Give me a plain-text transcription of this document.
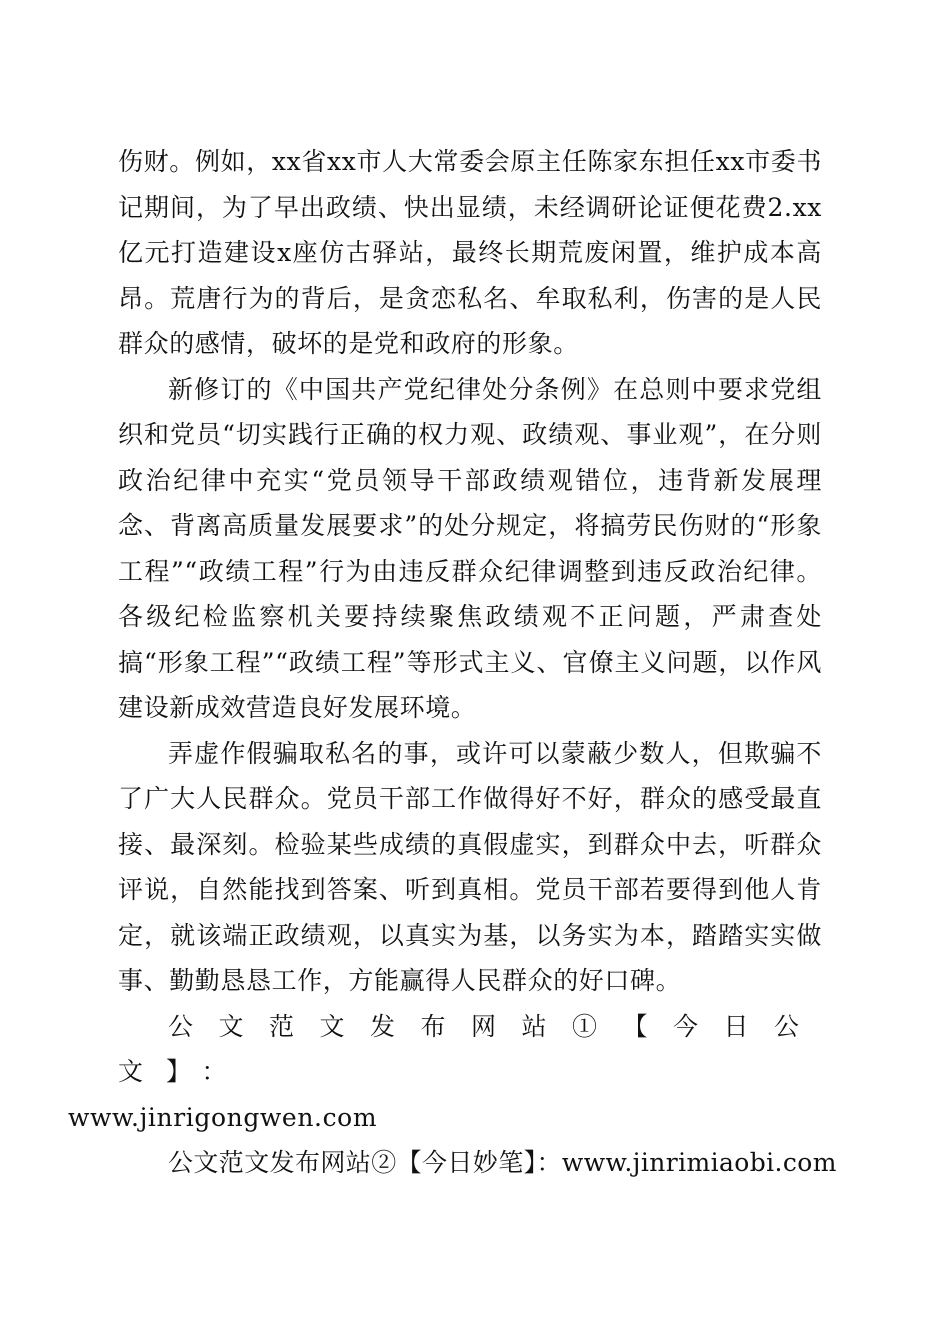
伤财。例如，xx省xx市人大常委会原主任陈家东担任xx市委书记期间，为了早出政绩、快出显绩，未经调研论证便花费2.xx亿元打造建设x座仿古驿站，最终长期荒废闲置，维护成本高昂。荒唐行为的背后，是贪恋私名、牟取私利，伤害的是人民群众的感情，破坏的是党和政府的形象。

新修订的《中国共产党纪律处分条例》在总则中要求党组织和党员“切实践行正确的权力观、政绩观、事业观”，在分则政治纪律中充实“党员领导干部政绩观错位，违背新发展理念、背离高质量发展要求”的处分规定，将搞劳民伤财的“形象工程”“政绩工程”行为由违反群众纪律调整到违反政治纪律。各级纪检监察机关要持续聚焦政绩观不正问题，严肃查处搞“形象工程”“政绩工程”等形式主义、官僚主义问题，以作风建设新成效营造良好发展环境。

弄虚作假骗取私名的事，或许可以蒙蔽少数人，但欺骗不了广大人民群众。党员干部工作做得好不好，群众的感受最直接、最深刻。检验某些成绩的真假虚实，到群众中去，听群众评说，自然能找到答案、听到真相。党员干部若要得到他人肯定，就该端正政绩观，以真实为基，以务实为本，踏踏实实做事、勤勤恳恳工作，方能赢得人民群众的好口碑。

公文范文发布网站①【今日公文】：
www.jinrigongwen.com

公文范文发布网站②【今日妙笔】：www.jinrimiaobi.com
